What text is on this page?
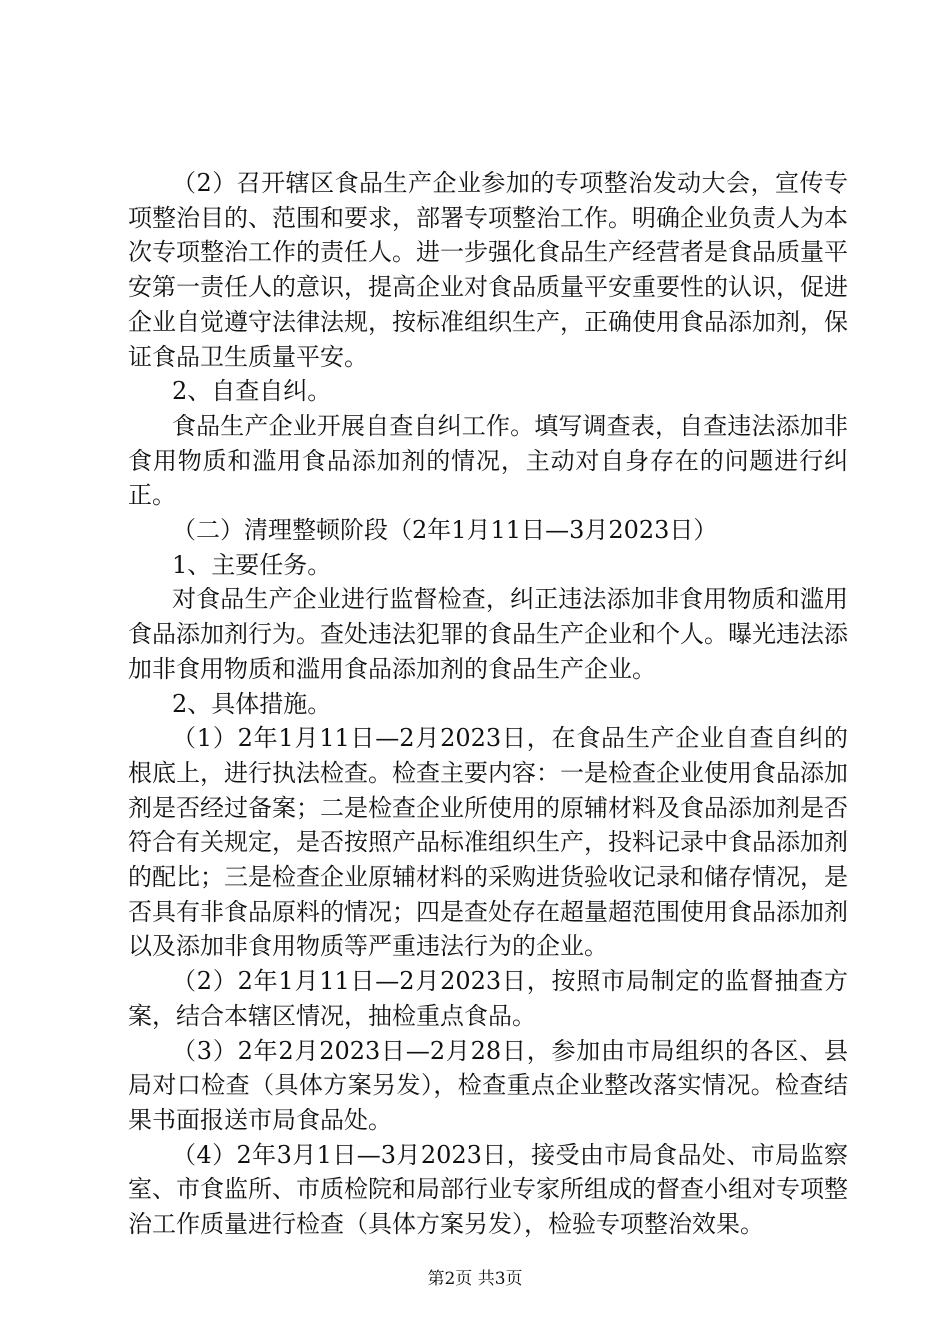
（2）召开辖区食品生产企业参加的专项整治发动大会，宣传专项整治目的、范围和要求，部署专项整治工作。明确企业负责人为本次专项整治工作的责任人。进一步强化食品生产经营者是食品质量平安第一责任人的意识，提高企业对食品质量平安重要性的认识，促进企业自觉遵守法律法规，按标准组织生产，正确使用食品添加剂，保证食品卫生质量平安。

2、自查自纠。

食品生产企业开展自查自纠工作。填写调查表，自查违法添加非食用物质和滥用食品添加剂的情况，主动对自身存在的问题进行纠正。

（二）清理整顿阶段（2年1月11日—3月2023日）

1、主要任务。

对食品生产企业进行监督检查，纠正违法添加非食用物质和滥用食品添加剂行为。查处违法犯罪的食品生产企业和个人。曝光违法添加非食用物质和滥用食品添加剂的食品生产企业。

2、具体措施。

（1）2年1月11日—2月2023日，在食品生产企业自查自纠的根底上，进行执法检查。检查主要内容：一是检查企业使用食品添加剂是否经过备案；二是检查企业所使用的原辅材料及食品添加剂是否符合有关规定，是否按照产品标准组织生产，投料记录中食品添加剂的配比；三是检查企业原辅材料的采购进货验收记录和储存情况，是否具有非食品原料的情况；四是查处存在超量超范围使用食品添加剂以及添加非食用物质等严重违法行为的企业。

（2）2年1月11日—2月2023日，按照市局制定的监督抽查方案，结合本辖区情况，抽检重点食品。

（3）2年2月2023日—2月28日，参加由市局组织的各区、县局对口检查（具体方案另发），检查重点企业整改落实情况。检查结果书面报送市局食品处。

（4）2年3月1日—3月2023日，接受由市局食品处、市局监察室、市食监所、市质检院和局部行业专家所组成的督查小组对专项整治工作质量进行检查（具体方案另发），检验专项整治效果。

第2页 共3页
